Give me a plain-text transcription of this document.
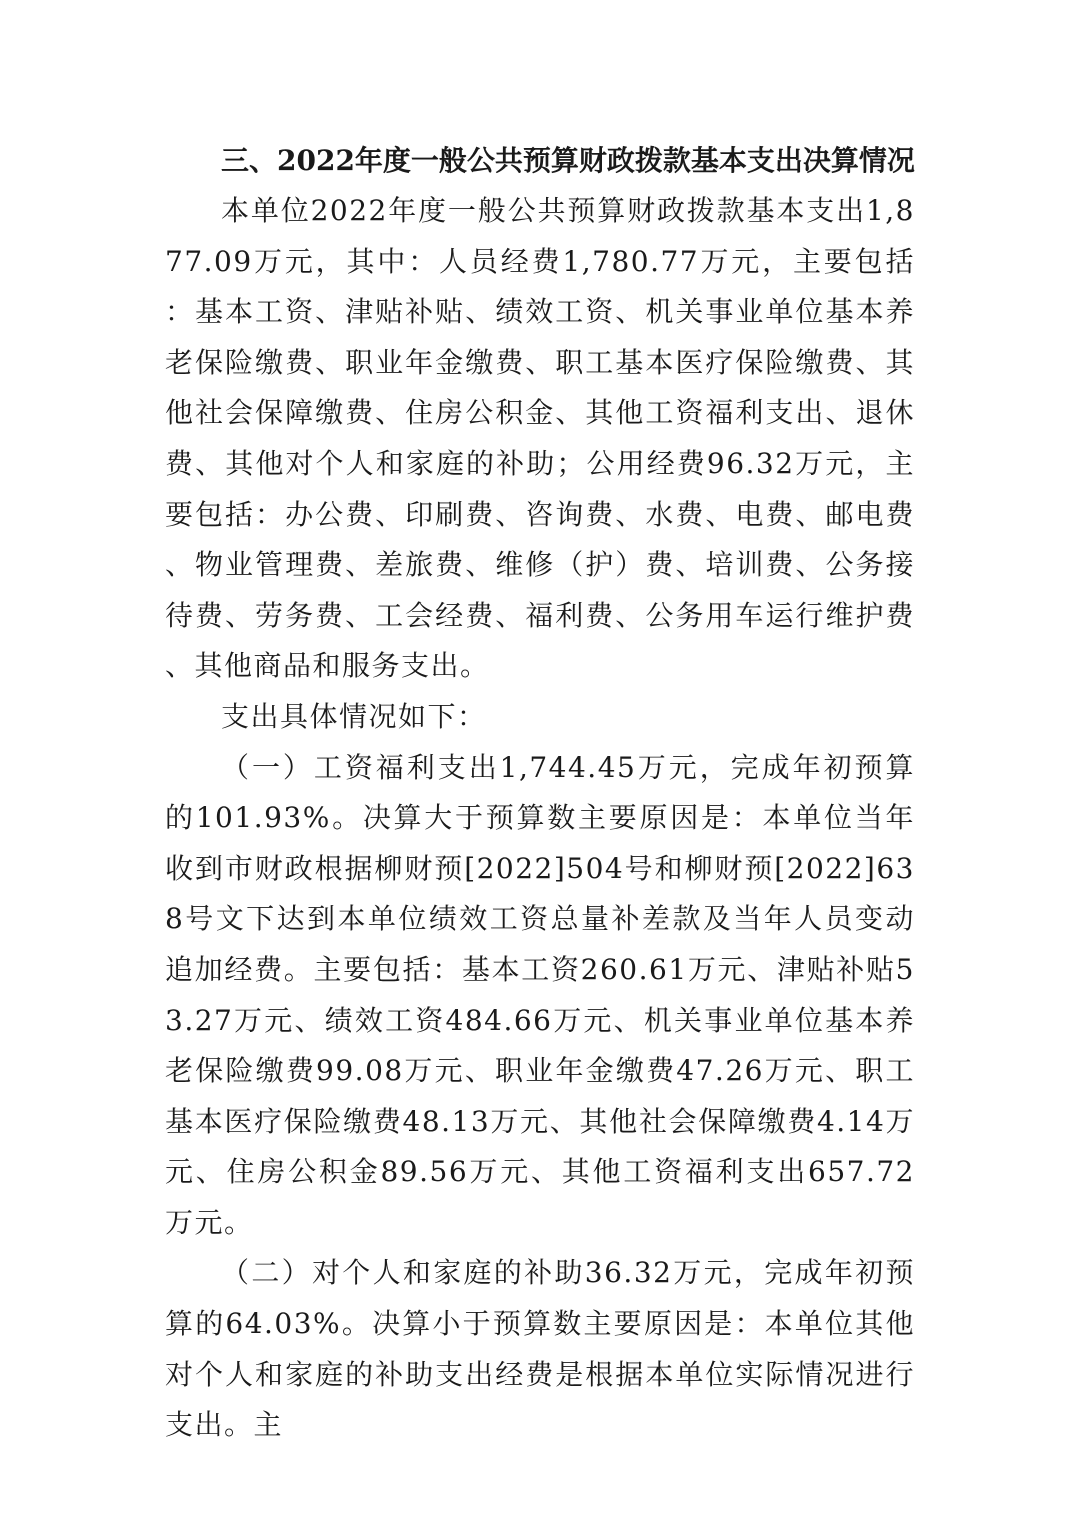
三、2022年度一般公共预算财政拨款基本支出决算情况

本单位2022年度一般公共预算财政拨款基本支出1,877.09万元，其中：人员经费1,780.77万元，主要包括：基本工资、津贴补贴、绩效工资、机关事业单位基本养老保险缴费、职业年金缴费、职工基本医疗保险缴费、其他社会保障缴费、住房公积金、其他工资福利支出、退休费、其他对个人和家庭的补助；公用经费96.32万元，主要包括：办公费、印刷费、咨询费、水费、电费、邮电费、物业管理费、差旅费、维修（护）费、培训费、公务接待费、劳务费、工会经费、福利费、公务用车运行维护费、其他商品和服务支出。

支出具体情况如下：

（一）工资福利支出1,744.45万元，完成年初预算的101.93%。决算大于预算数主要原因是：本单位当年收到市财政根据柳财预[2022]504号和柳财预[2022]638号文下达到本单位绩效工资总量补差款及当年人员变动追加经费。主要包括：基本工资260.61万元、津贴补贴53.27万元、绩效工资484.66万元、机关事业单位基本养老保险缴费99.08万元、职业年金缴费47.26万元、职工基本医疗保险缴费48.13万元、其他社会保障缴费4.14万元、住房公积金89.56万元、其他工资福利支出657.72万元。

（二）对个人和家庭的补助36.32万元，完成年初预算的64.03%。决算小于预算数主要原因是：本单位其他对个人和家庭的补助支出经费是根据本单位实际情况进行支出。主
